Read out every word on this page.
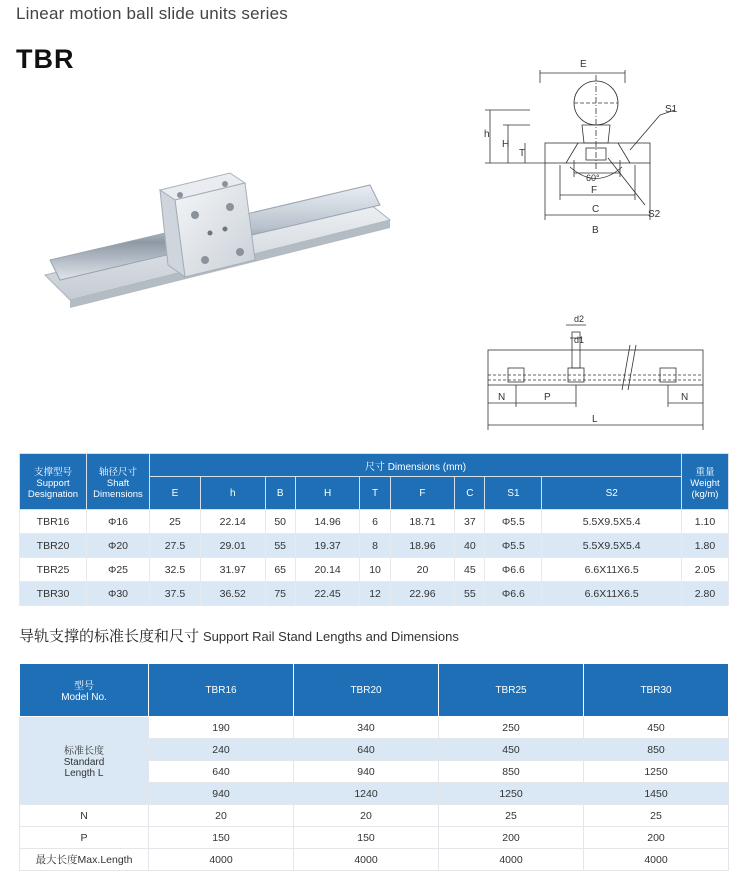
Linear motion ball slide units series
TBR	E
h
H
T
S1
60°
F
C
B
S2
d2
d1
N	P	N
L
支撑型号
Support
Designation	轴径尺寸
Shaft
Dimensions	尺寸 Dimensions (mm)									重量
Weight
(kg/m)

		E	h	B	H	T	F	C	S1	S2	
TBR16	Φ16	25	22.14	50	14.96	6	18.71	37	Φ5.5	5.5X9.5X5.4	1.10
TBR20	Φ20	27.5	29.01	55	19.37	8	18.96	40	Φ5.5	5.5X9.5X5.4	1.80
TBR25	Φ25	32.5	31.97	65	20.14	10	20	45	Φ6.6	6.6X11X6.5	2.05
TBR30	Φ30	37.5	36.52	75	22.45	12	22.96	55	Φ6.6	6.6X11X6.5	2.80
导轨支撑的标准长度和尺寸 Support Rail Stand Lengths and Dimensions
型号
Model No.	TBR16	TBR20	TBR25	TBR30

标准长度
Standard
Length L	190	340	250	450
	240	640	450	850
	640	940	850	1250
	940	1240	1250	1450
N	20	20	25	25
P	150	150	200	200
最大长度Max.Length	4000	4000	4000	4000
